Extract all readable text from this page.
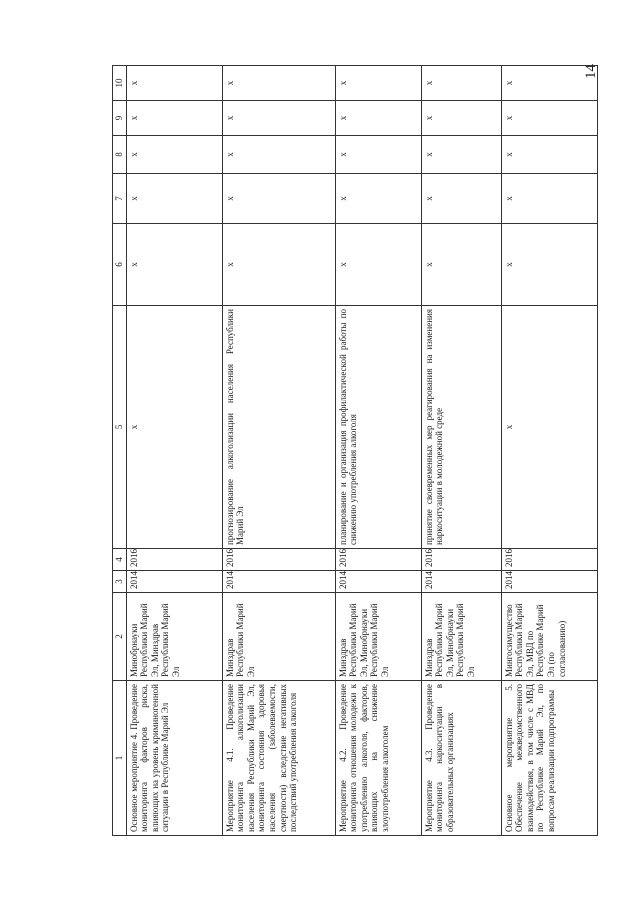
14
1	2	3	4	5	6	7	8	9	10
Основное мероприятие 4. Проведение мониторинга факторов риска, влияющих на уровень криминогенной ситуации в Республике Марий Эл	Минобрнауки Республики Марий Эл, Минздрав Республики Марий Эл	2014	2016	x	x	x	x	x	x
Мероприятие 4.1. Проведение мониторинга алкоголизации населения Республики Марий Эл, мониторинга состояния здоровья населения (заболеваемости, смертности) вследствие негативных последствий употребления алкоголя	Минздрав Республики Марий Эл	2014	2016	прогнозирование алкоголизации населения Республики Марий Эл	x	x	x	x	x
Мероприятие 4.2. Проведение мониторинга отношения молодежи к употреблению алкоголя, факторов, влияющих на снижение злоупотребления алкоголем	Минздрав Республики Марий Эл, Минобрнауки Республики Марий Эл	2014	2016	планирование и организация профилактической работы по снижению употребления алкоголя	x	x	x	x	x
Мероприятие 4.3. Проведение мониторинга наркоситуации в образовательных организациях	Минздрав Республики Марий Эл, Минобрнауки Республики Марий Эл	2014	2016	принятие своевременных мер реагирования на изменения наркоситуации в молодежной среде	x	x	x	x	x
Основное мероприятие 5. Обеспечение межведомственного взаимодействия, в том числе с МВД по Республике Марий Эл, по вопросам реализации подпрограммы	Мингосимущество Республики Марий Эл, МВД по Республике Марий Эл (по согласованию)	2014	2016	x	x	x	x	x	x
